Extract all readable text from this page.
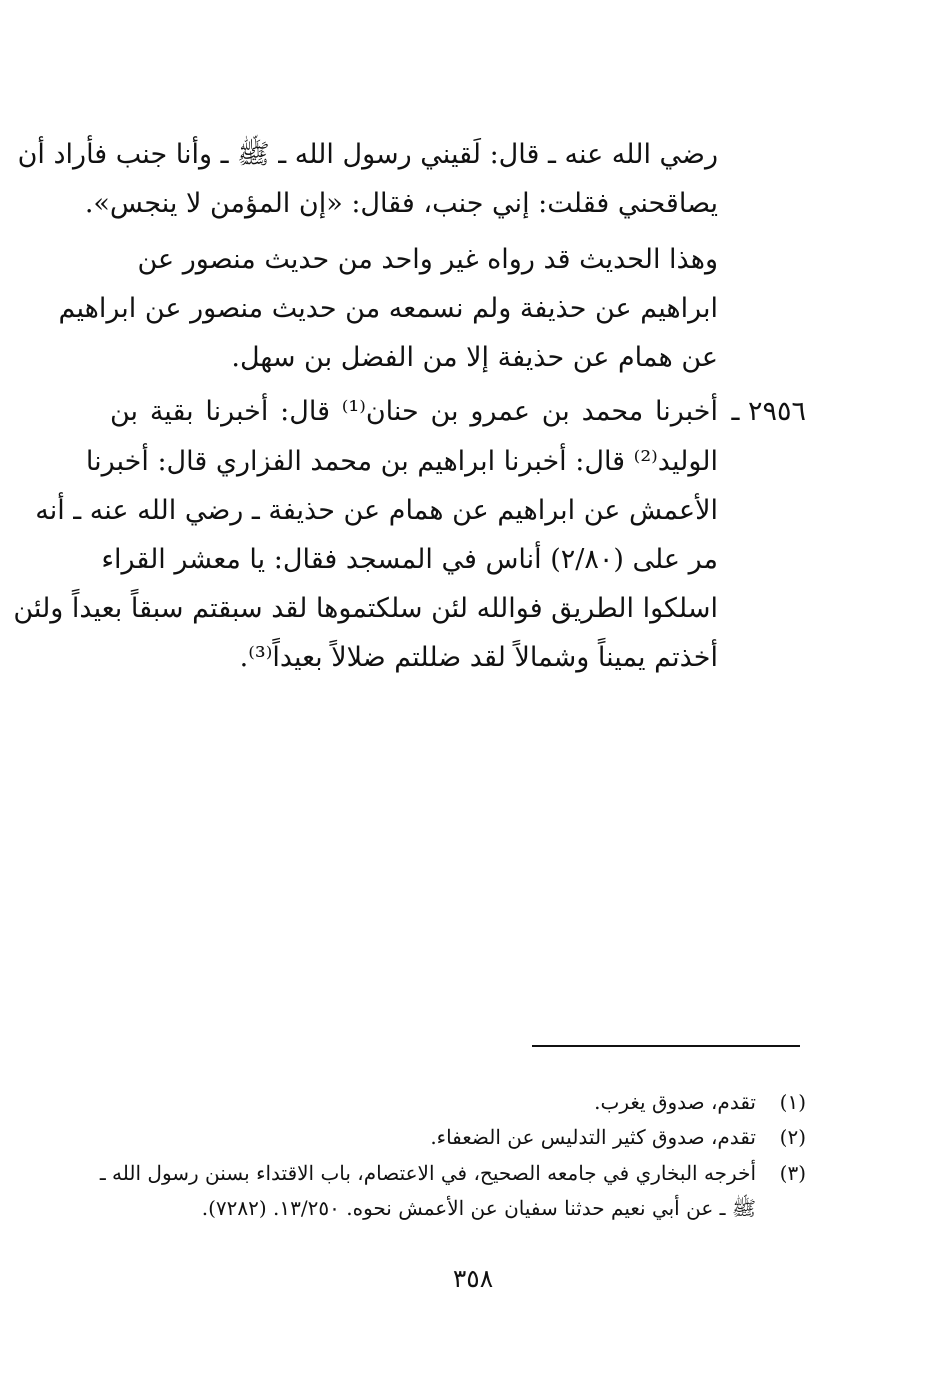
رضي الله عنه ـ قال: لَقيني رسول الله ـ ﷺ ـ وأنا جنب فأراد أن
يصاقحني فقلت: إني جنب، فقال: «إن المؤمن لا ينجس».
وهذا الحديث قد رواه غير واحد من حديث منصور عن
ابراهيم عن حذيفة ولم نسمعه من حديث منصور عن ابراهيم
عن همام عن حذيفة إلا من الفضل بن سهل.
٢٩٥٦ ـ
أخبرنا محمد بن عمرو بن حنان⁽¹⁾ قال: أخبرنا بقية بن
الوليد⁽²⁾ قال: أخبرنا ابراهيم بن محمد الفزاري قال: أخبرنا
الأعمش عن ابراهيم عن همام عن حذيفة ـ رضي الله عنه ـ أنه
مر على (٢/٨٠) أناس في المسجد فقال: يا معشر القراء
اسلكوا الطريق فوالله لئن سلكتموها لقد سبقتم سبقاً بعيداً ولئن
أخذتم يميناً وشمالاً لقد ضللتم ضلالاً بعيداً⁽³⁾.
(١)
تقدم، صدوق يغرب.
(٢)
تقدم، صدوق كثير التدليس عن الضعفاء.
(٣)
أخرجه البخاري في جامعه الصحيح، في الاعتصام، باب الاقتداء بسنن رسول الله ـ
ﷺ ـ عن أبي نعيم حدثنا سفيان عن الأعمش نحوه. ١٣/٢٥٠. (٧٢٨٢).
٣٥٨
